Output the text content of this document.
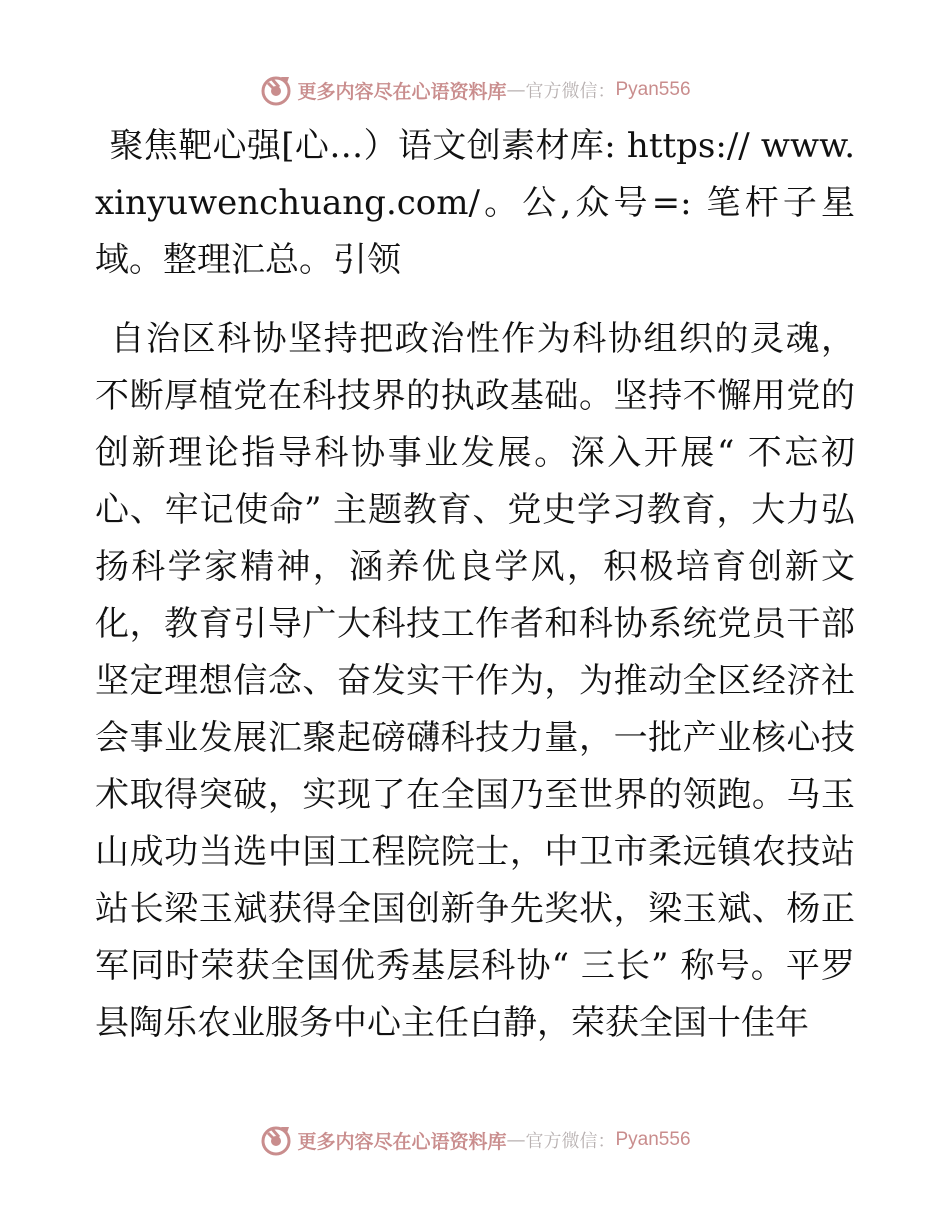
更多内容尽在心语资料库 — 官方微信： Pyan556

聚焦靶心强[心…）语文创素材库: https:// www.xinyuwenchuang.com/。公,众号=: 笔杆子星域。整理汇总。引领

自治区科协坚持把政治性作为科协组织的灵魂，不断厚植党在科技界的执政基础。坚持不懈用党的创新理论指导科协事业发展。深入开展“ 不忘初心、牢记使命” 主题教育、党史学习教育，大力弘扬科学家精神，涵养优良学风，积极培育创新文化，教育引导广大科技工作者和科协系统党员干部坚定理想信念、奋发实干作为，为推动全区经济社会事业发展汇聚起磅礴科技力量，一批产业核心技术取得突破，实现了在全国乃至世界的领跑。马玉山成功当选中国工程院院士，中卫市柔远镇农技站站长梁玉斌获得全国创新争先奖状，梁玉斌、杨正军同时荣获全国优秀基层科协“ 三长” 称号。平罗县陶乐农业服务中心主任白静，荣获全国十佳年

更多内容尽在心语资料库 — 官方微信： Pyan556
